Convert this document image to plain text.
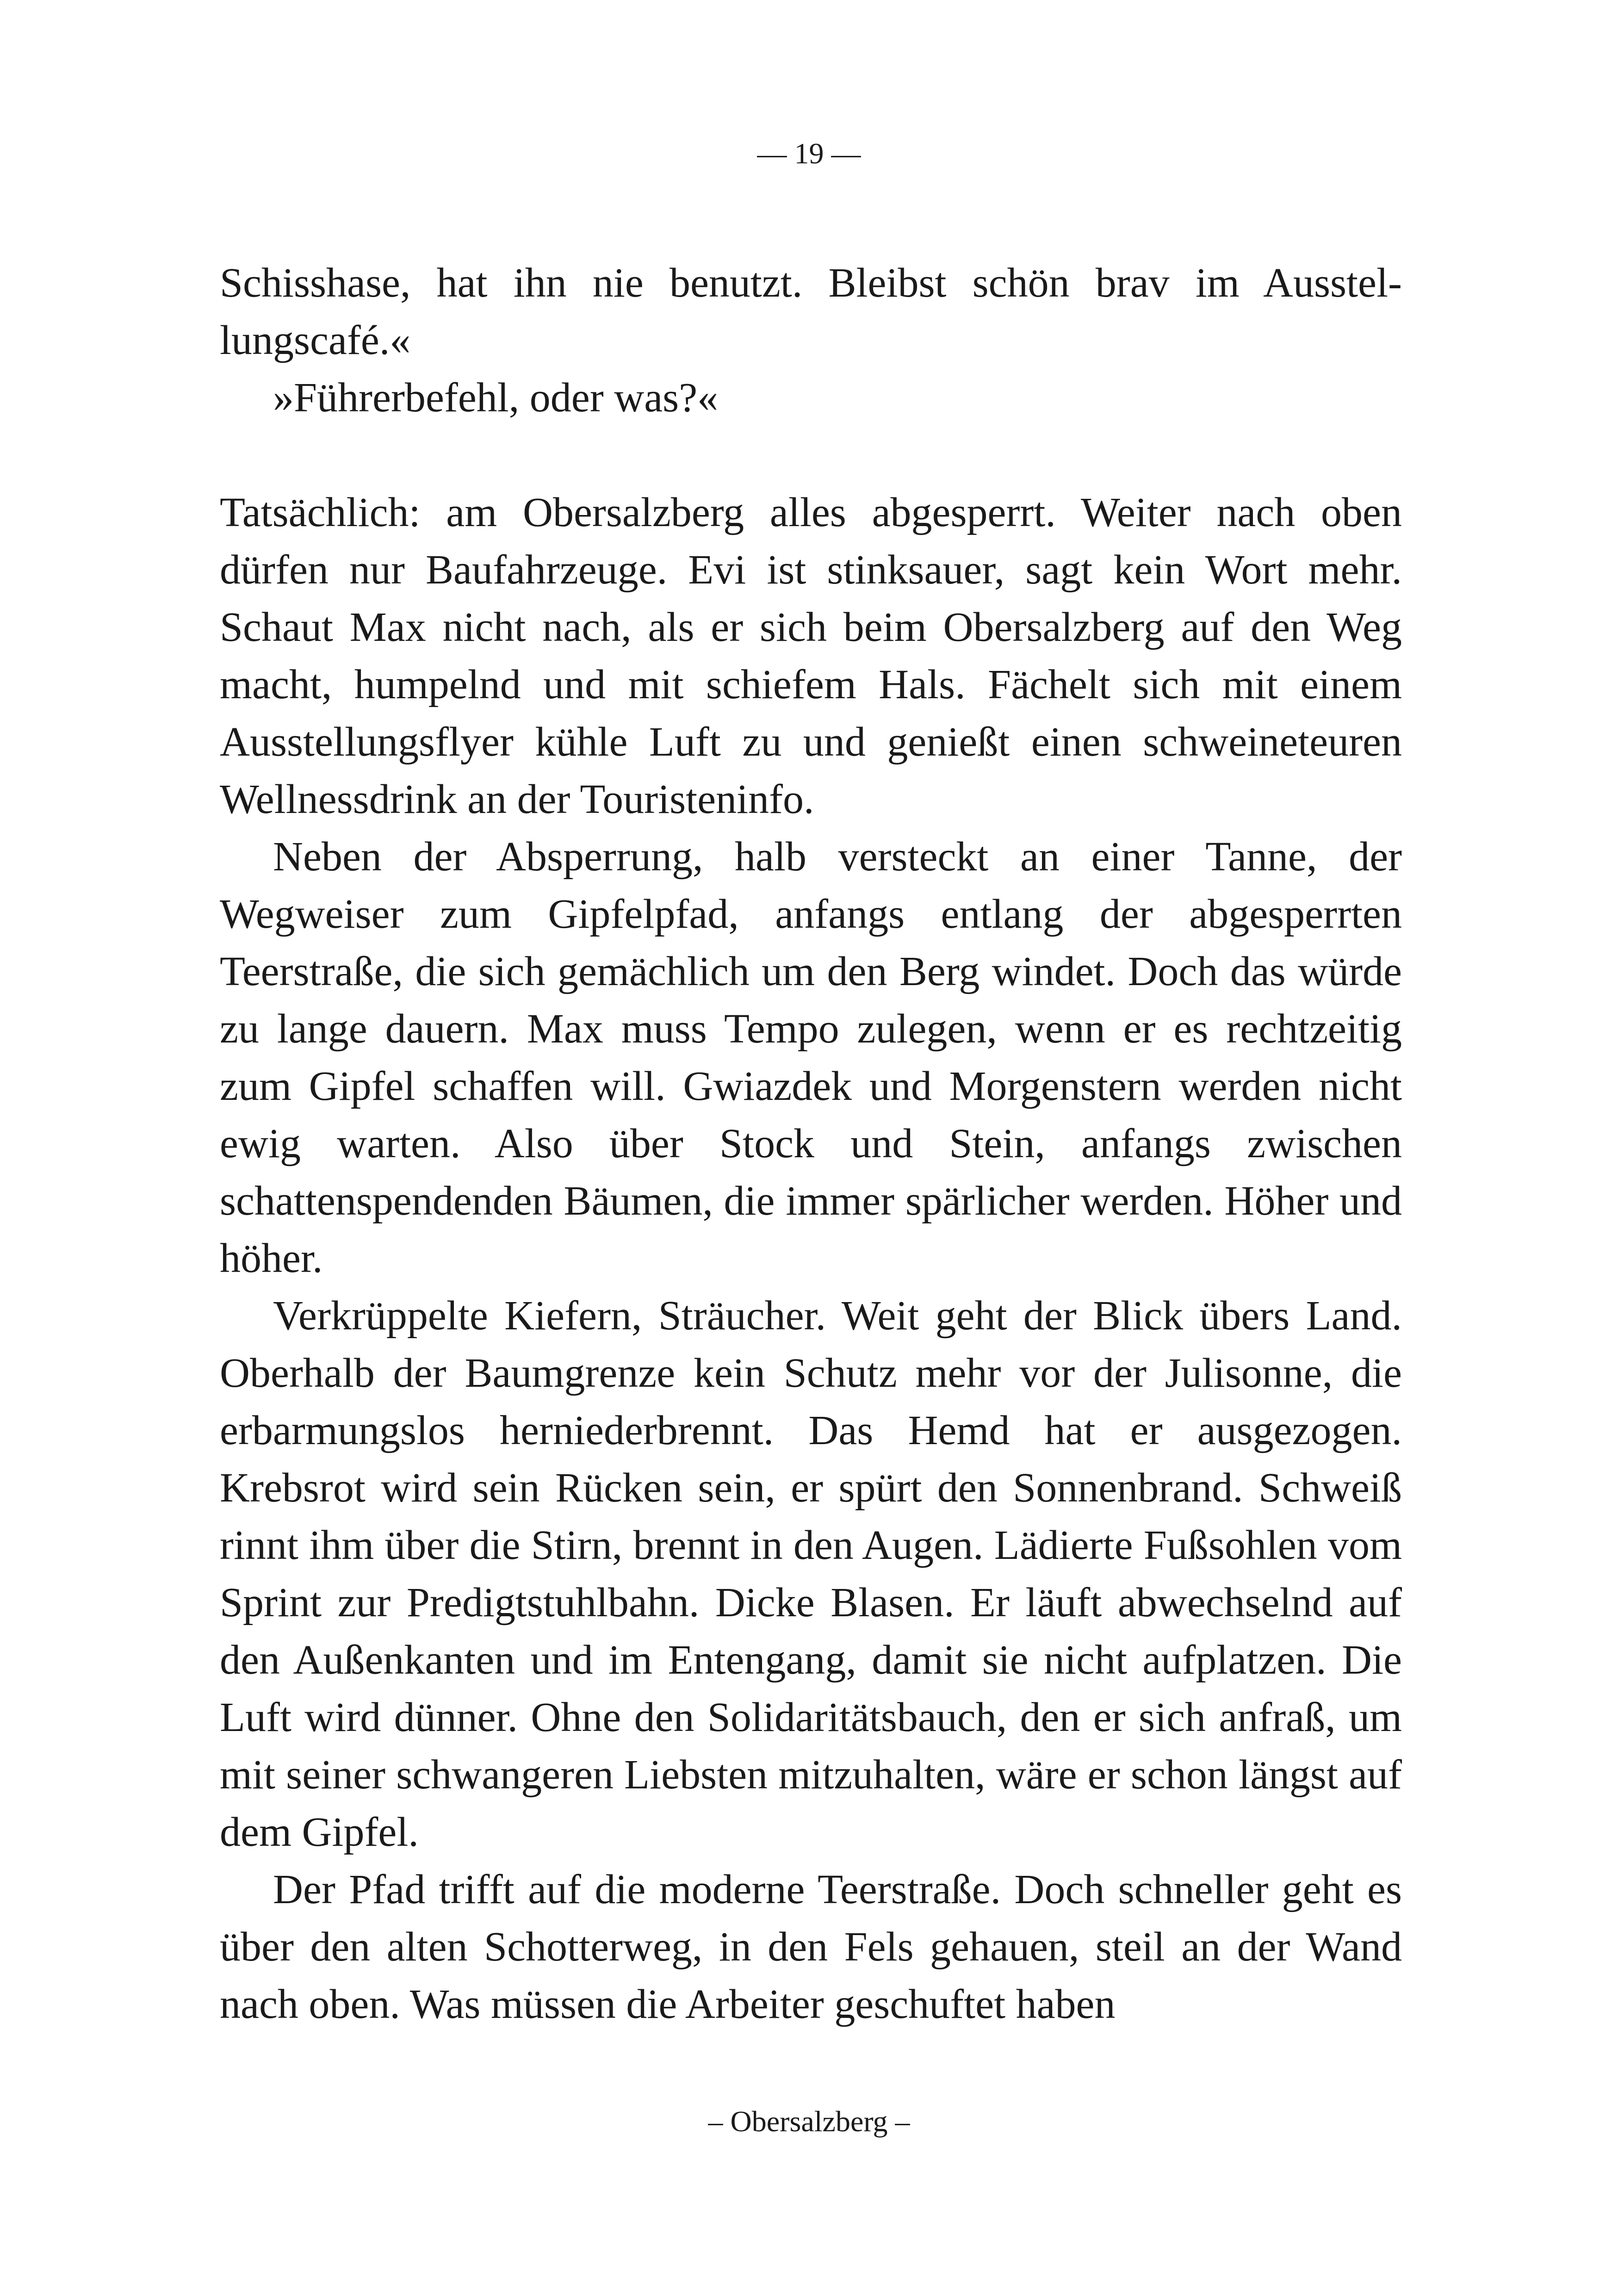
— 19 —

Schisshase, hat ihn nie benutzt. Bleibst schön brav im Ausstellungscafé.«

»Führerbefehl, oder was?«

Tatsächlich: am Obersalzberg alles abgesperrt. Weiter nach oben dürfen nur Baufahrzeuge. Evi ist stinksauer, sagt kein Wort mehr. Schaut Max nicht nach, als er sich beim Obersalzberg auf den Weg macht, humpelnd und mit schiefem Hals. Fächelt sich mit einem Ausstellungsflyer kühle Luft zu und genießt einen schweineteuren Wellnessdrink an der Touristeninfo.

Neben der Absperrung, halb versteckt an einer Tanne, der Wegweiser zum Gipfelpfad, anfangs entlang der abgesperrten Teerstraße, die sich gemächlich um den Berg windet. Doch das würde zu lange dauern. Max muss Tempo zulegen, wenn er es rechtzeitig zum Gipfel schaffen will. Gwiazdek und Morgenstern werden nicht ewig warten. Also über Stock und Stein, anfangs zwischen schattenspendenden Bäumen, die immer spärlicher werden. Höher und höher.

Verkrüppelte Kiefern, Sträucher. Weit geht der Blick übers Land. Oberhalb der Baumgrenze kein Schutz mehr vor der Julisonne, die erbarmungslos herniederbrennt. Das Hemd hat er ausgezogen. Krebsrot wird sein Rücken sein, er spürt den Sonnenbrand. Schweiß rinnt ihm über die Stirn, brennt in den Augen. Lädierte Fußsohlen vom Sprint zur Predigtstuhlbahn. Dicke Blasen. Er läuft abwechselnd auf den Außenkanten und im Entengang, damit sie nicht aufplatzen. Die Luft wird dünner. Ohne den Solidaritätsbauch, den er sich anfraß, um mit seiner schwangeren Liebsten mitzuhalten, wäre er schon längst auf dem Gipfel.

Der Pfad trifft auf die moderne Teerstraße. Doch schneller geht es über den alten Schotterweg, in den Fels gehauen, steil an der Wand nach oben. Was müssen die Arbeiter geschuftet haben

– Obersalzberg –
